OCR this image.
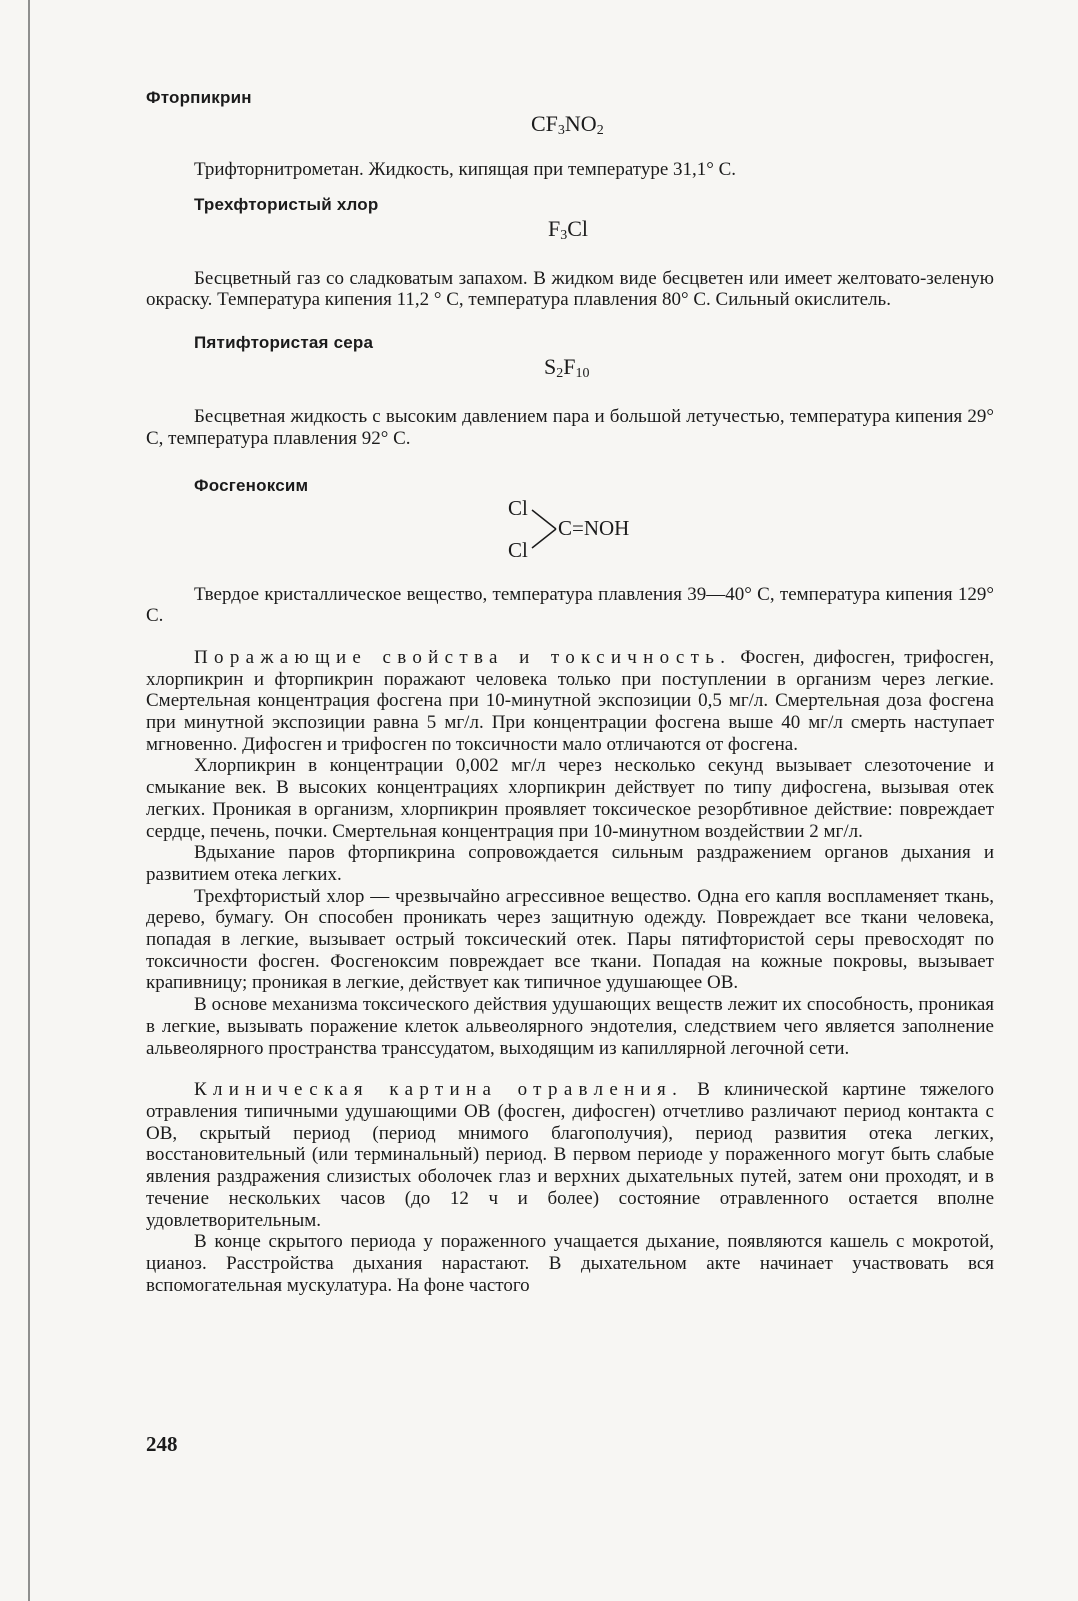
Фторпикрин
$CF_3NO_2$

Трифторнитрометан. Жидкость, кипящая при температуре 31,1° С.

Трехфтористый хлор
$F_3Cl$

Бесцветный газ со сладковатым запахом. В жидком виде бесцветен или имеет желтовато-зеленую окраску. Температура кипения 11,2 ° С, температура плавления 80° С. Сильный окислитель.

Пятифтористая сера
$S_2F_{10}$

Бесцветная жидкость с высоким давлением пара и большой летучестью, температура кипения 29° С, температура плавления 92° С.

Фосгеноксим
Cl
Cl
C=NOH

Твердое кристаллическое вещество, температура плавления 39—40° С, температура кипения 129° С.

Поражающие свойства и токсичность. Фосген, дифосген, трифосген, хлорпикрин и фторпикрин поражают человека только при поступлении в организм через легкие. Смертельная концентрация фосгена при 10-минутной экспозиции 0,5 мг/л. Смертельная доза фосгена при минутной экспозиции равна 5 мг/л. При концентрации фосгена выше 40 мг/л смерть наступает мгновенно. Дифосген и трифосген по токсичности мало отличаются от фосгена.

Хлорпикрин в концентрации 0,002 мг/л через несколько секунд вызывает слезоточение и смыкание век. В высоких концентрациях хлорпикрин действует по типу дифосгена, вызывая отек легких. Проникая в организм, хлорпикрин проявляет токсическое резорбтивное действие: повреждает сердце, печень, почки. Смертельная концентрация при 10-минутном воздействии 2 мг/л.

Вдыхание паров фторпикрина сопровождается сильным раздражением органов дыхания и развитием отека легких.

Трехфтористый хлор — чрезвычайно агрессивное вещество. Одна его капля воспламеняет ткань, дерево, бумагу. Он способен проникать через защитную одежду. Повреждает все ткани человека, попадая в легкие, вызывает острый токсический отек. Пары пятифтористой серы превосходят по токсичности фосген. Фосгеноксим повреждает все ткани. Попадая на кожные покровы, вызывает крапивницу; проникая в легкие, действует как типичное удушающее ОВ.

В основе механизма токсического действия удушающих веществ лежит их способность, проникая в легкие, вызывать поражение клеток альвеолярного эндотелия, следствием чего является заполнение альвеолярного пространства транссудатом, выходящим из капиллярной легочной сети.

Клиническая картина отравления. В клинической картине тяжелого отравления типичными удушающими ОВ (фосген, дифосген) отчетливо различают период контакта с ОВ, скрытый период (период мнимого благополучия), период развития отека легких, восстановительный (или терминальный) период. В первом периоде у пораженного могут быть слабые явления раздражения слизистых оболочек глаз и верхних дыхательных путей, затем они проходят, и в течение нескольких часов (до 12 ч и более) состояние отравленного остается вполне удовлетворительным.

В конце скрытого периода у пораженного учащается дыхание, появляются кашель с мокротой, цианоз. Расстройства дыхания нарастают. В дыхательном акте начинает участвовать вся вспомогательная мускулатура. На фоне частого

248
